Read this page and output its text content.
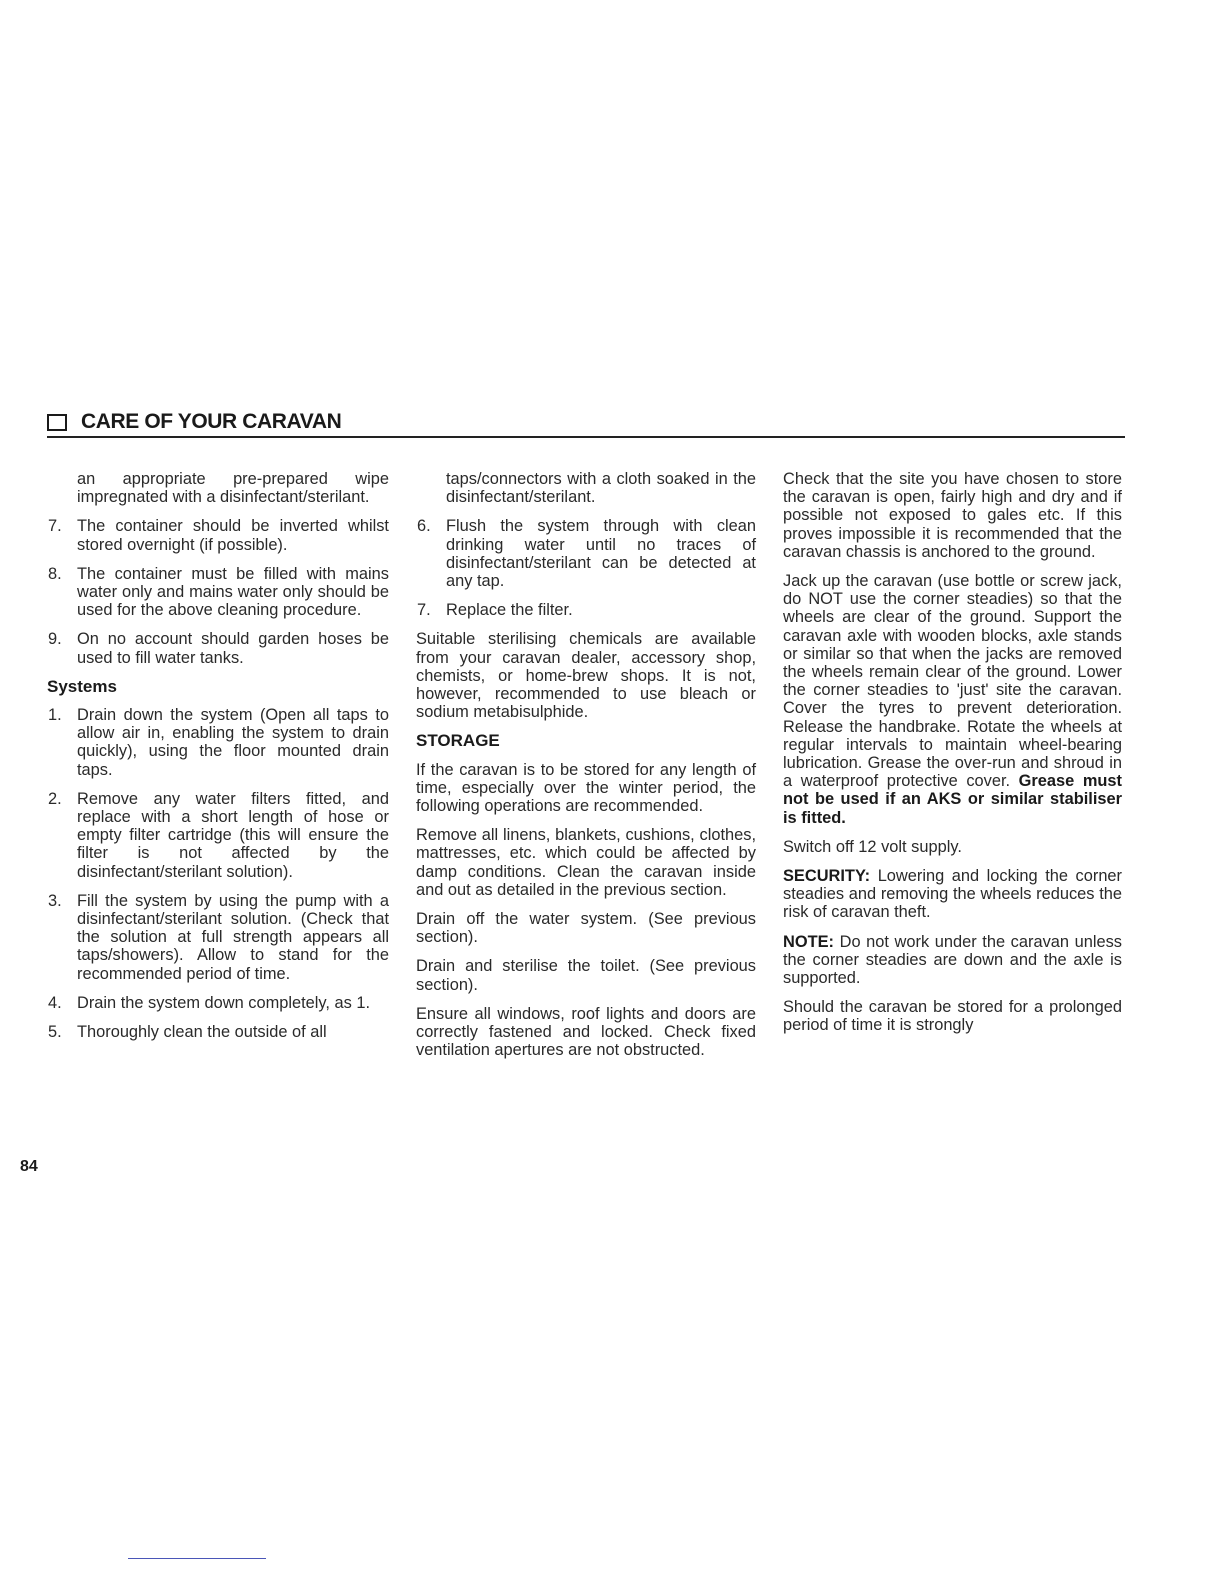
CARE OF YOUR CARAVAN
an appropriate pre-prepared wipe impregnated with a disinfectant/sterilant.
7. The container should be inverted whilst stored overnight (if possible).
8. The container must be filled with mains water only and mains water only should be used for the above cleaning procedure.
9. On no account should garden hoses be used to fill water tanks.
Systems
1. Drain down the system (Open all taps to allow air in, enabling the system to drain quickly), using the floor mounted drain taps.
2. Remove any water filters fitted, and replace with a short length of hose or empty filter cartridge (this will ensure the filter is not affected by the disinfectant/sterilant solution).
3. Fill the system by using the pump with a disinfectant/sterilant solution. (Check that the solution at full strength appears all taps/showers). Allow to stand for the recommended period of time.
4. Drain the system down completely, as 1.
5. Thoroughly clean the outside of all
taps/connectors with a cloth soaked in the disinfectant/sterilant.
6. Flush the system through with clean drinking water until no traces of disinfectant/sterilant can be detected at any tap.
7. Replace the filter.

Suitable sterilising chemicals are available from your caravan dealer, accessory shop, chemists, or home-brew shops. It is not, however, recommended to use bleach or sodium metabisulphide.

STORAGE

If the caravan is to be stored for any length of time, especially over the winter period, the following operations are recommended.

Remove all linens, blankets, cushions, clothes, mattresses, etc. which could be affected by damp conditions. Clean the caravan inside and out as detailed in the previous section.

Drain off the water system. (See previous section).

Drain and sterilise the toilet. (See previous section).

Ensure all windows, roof lights and doors are correctly fastened and locked. Check fixed ventilation apertures are not obstructed.

Check that the site you have chosen to store the caravan is open, fairly high and dry and if possible not exposed to gales etc. If this proves impossible it is recommended that the caravan chassis is anchored to the ground.

Jack up the caravan (use bottle or screw jack, do NOT use the corner steadies) so that the wheels are clear of the ground. Support the caravan axle with wooden blocks, axle stands or similar so that when the jacks are removed the wheels remain clear of the ground. Lower the corner steadies to 'just' site the caravan. Cover the tyres to prevent deterioration. Release the handbrake. Rotate the wheels at regular intervals to maintain wheel-bearing lubrication. Grease the over-run and shroud in a waterproof protective cover. Grease must not be used if an AKS or similar stabiliser is fitted.

Switch off 12 volt supply.

SECURITY: Lowering and locking the corner steadies and removing the wheels reduces the risk of caravan theft.

NOTE: Do not work under the caravan unless the corner steadies are down and the axle is supported.

Should the caravan be stored for a prolonged period of time it is strongly

84
